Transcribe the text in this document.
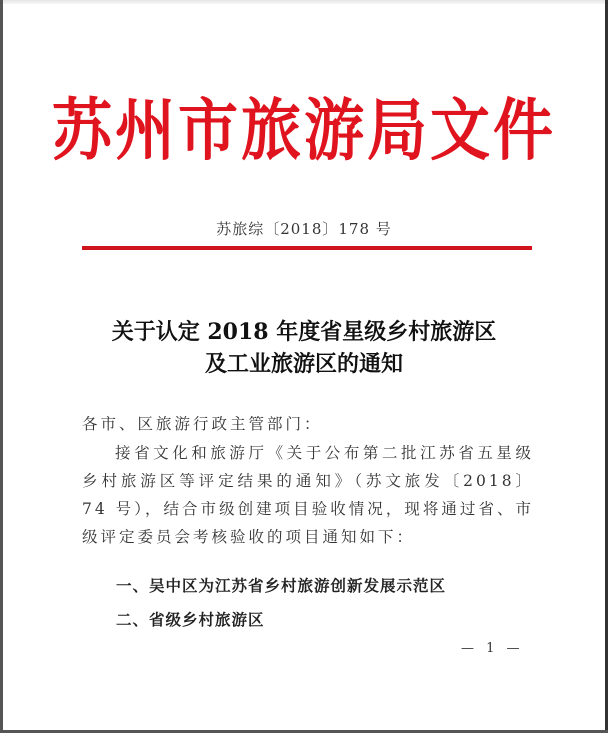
苏州市旅游局文件
苏旅综〔2018〕178 号
关于认定 2018 年度省星级乡村旅游区
及工业旅游区的通知
各市、区旅游行政主管部门：
接省文化和旅游厅《关于公布第二批江苏省五星级乡村旅游区等评定结果的通知》（苏文旅发〔2018〕74 号），结合市级创建项目验收情况，现将通过省、市级评定委员会考核验收的项目通知如下：
一、吴中区为江苏省乡村旅游创新发展示范区
二、省级乡村旅游区
— 1 —
